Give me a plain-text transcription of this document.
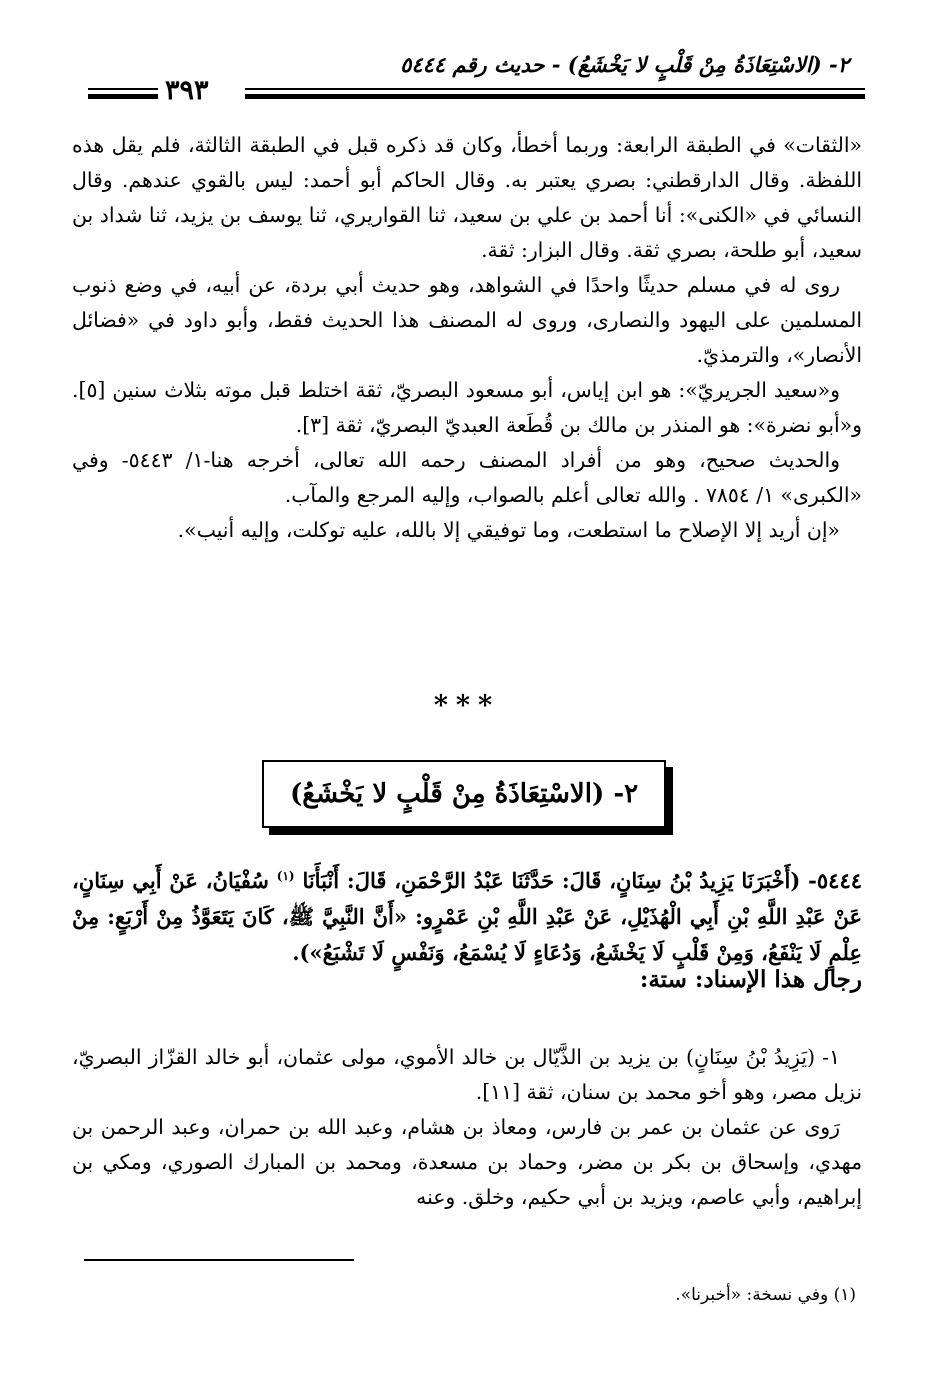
٢- (الاسْتِعَاذَةُ مِنْ قَلْبٍ لا يَخْشَعُ) - حديث رقم ٥٤٤٤
٣٩٣

«الثقات» في الطبقة الرابعة: وربما أخطأ، وكان قد ذكره قبل في الطبقة الثالثة، فلم يقل هذه اللفظة. وقال الدارقطني: بصري يعتبر به. وقال الحاكم أبو أحمد: ليس بالقوي عندهم. وقال النسائي في «الكنى»: أنا أحمد بن علي بن سعيد، ثنا القواريري، ثنا يوسف بن يزيد، ثنا شداد بن سعيد، أبو طلحة، بصري ثقة. وقال البزار: ثقة.

روى له في مسلم حديثًا واحدًا في الشواهد، وهو حديث أبي بردة، عن أبيه، في وضع ذنوب المسلمين على اليهود والنصارى، وروى له المصنف هذا الحديث فقط، وأبو داود في «فضائل الأنصار»، والترمذيّ.

و«سعيد الجريريّ»: هو ابن إياس، أبو مسعود البصريّ، ثقة اختلط قبل موته بثلاث سنين [٥]. و«أبو نضرة»: هو المنذر بن مالك بن قُطَعة العبديّ البصريّ، ثقة [٣].

والحديث صحيح، وهو من أفراد المصنف رحمه الله تعالى، أخرجه هنا-١/ ٥٤٤٣- وفي «الكبرى» ١/ ٧٨٥٤ . والله تعالى أعلم بالصواب، وإليه المرجع والمآب.

«إن أريد إلا الإصلاح ما استطعت، وما توفيقي إلا بالله، عليه توكلت، وإليه أنيب».

***
٢- (الاسْتِعَاذَةُ مِنْ قَلْبٍ لا يَخْشَعُ)
٥٤٤٤- (أَخْبَرَنَا يَزِيدُ بْنُ سِنَانٍ، قَالَ: حَدَّثَنَا عَبْدُ الرَّحْمَنِ، قَالَ: أَنْبَأَنَا $^{(١)}$ سُفْيَانُ، عَنْ أَبِي سِنَانٍ، عَنْ عَبْدِ اللَّهِ بْنِ أَبِي الْهُذَيْلِ، عَنْ عَبْدِ اللَّهِ بْنِ عَمْرٍو: «أَنَّ النَّبِيَّ ﷺ، كَانَ يَتَعَوَّذُ مِنْ أَرْبَعٍ: مِنْ عِلْمٍ لَا يَنْفَعُ، وَمِنْ قَلْبٍ لَا يَخْشَعُ، وَدُعَاءٍ لَا يُسْمَعُ، وَنَفْسٍ لَا تَشْبَعُ»).
رجال هذا الإسناد: ستة:

١- (يَزِيدُ بْنُ سِنَانٍ) بن يزيد بن الذَّيّال بن خالد الأموي، مولى عثمان، أبو خالد القزّاز البصريّ، نزيل مصر، وهو أخو محمد بن سنان، ثقة [١١].

رَوى عن عثمان بن عمر بن فارس، ومعاذ بن هشام، وعبد الله بن حمران، وعبد الرحمن بن مهدي، وإسحاق بن بكر بن مضر، وحماد بن مسعدة، ومحمد بن المبارك الصوري، ومكي بن إبراهيم، وأبي عاصم، ويزيد بن أبي حكيم، وخلق. وعنه

(١) وفي نسخة: «أخبرنا».
